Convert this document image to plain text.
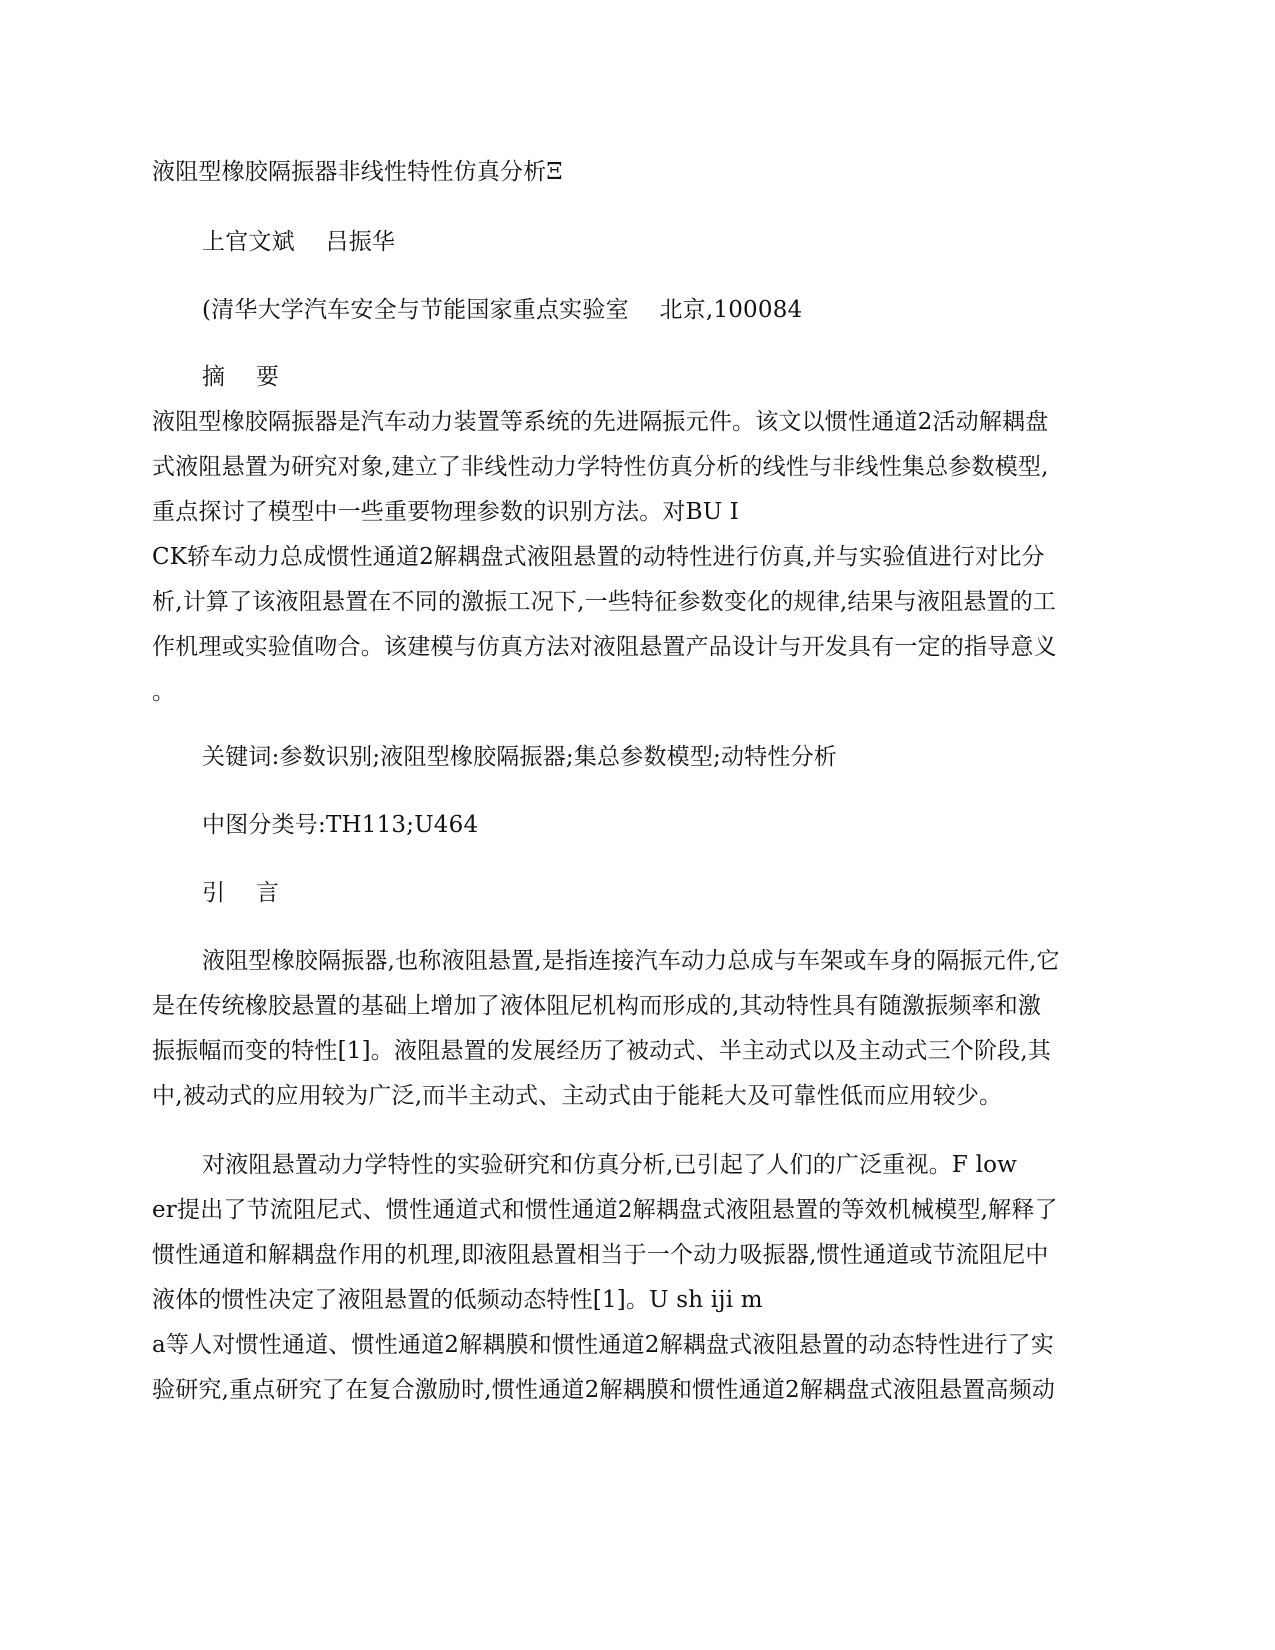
液阻型橡胶隔振器非线性特性仿真分析Ξ
上官文斌　 吕振华
(清华大学汽车安全与节能国家重点实验室　 北京,100084
摘　 要
液阻型橡胶隔振器是汽车动力装置等系统的先进隔振元件。该文以惯性通道2活动解耦盘
式液阻悬置为研究对象,建立了非线性动力学特性仿真分析的线性与非线性集总参数模型,
重点探讨了模型中一些重要物理参数的识别方法。对BU I
CK轿车动力总成惯性通道2解耦盘式液阻悬置的动特性进行仿真,并与实验值进行对比分
析,计算了该液阻悬置在不同的激振工况下,一些特征参数变化的规律,结果与液阻悬置的工
作机理或实验值吻合。该建模与仿真方法对液阻悬置产品设计与开发具有一定的指导意义
。
关键词:参数识别;液阻型橡胶隔振器;集总参数模型;动特性分析
中图分类号:TH113;U464
引　 言
液阻型橡胶隔振器,也称液阻悬置,是指连接汽车动力总成与车架或车身的隔振元件,它
是在传统橡胶悬置的基础上增加了液体阻尼机构而形成的,其动特性具有随激振频率和激
振振幅而变的特性[1]。液阻悬置的发展经历了被动式、半主动式以及主动式三个阶段,其
中,被动式的应用较为广泛,而半主动式、主动式由于能耗大及可靠性低而应用较少。
对液阻悬置动力学特性的实验研究和仿真分析,已引起了人们的广泛重视。F low
er提出了节流阻尼式、惯性通道式和惯性通道2解耦盘式液阻悬置的等效机械模型,解释了
惯性通道和解耦盘作用的机理,即液阻悬置相当于一个动力吸振器,惯性通道或节流阻尼中
液体的惯性决定了液阻悬置的低频动态特性[1]。U sh iji m
a等人对惯性通道、惯性通道2解耦膜和惯性通道2解耦盘式液阻悬置的动态特性进行了实
验研究,重点研究了在复合激励时,惯性通道2解耦膜和惯性通道2解耦盘式液阻悬置高频动
